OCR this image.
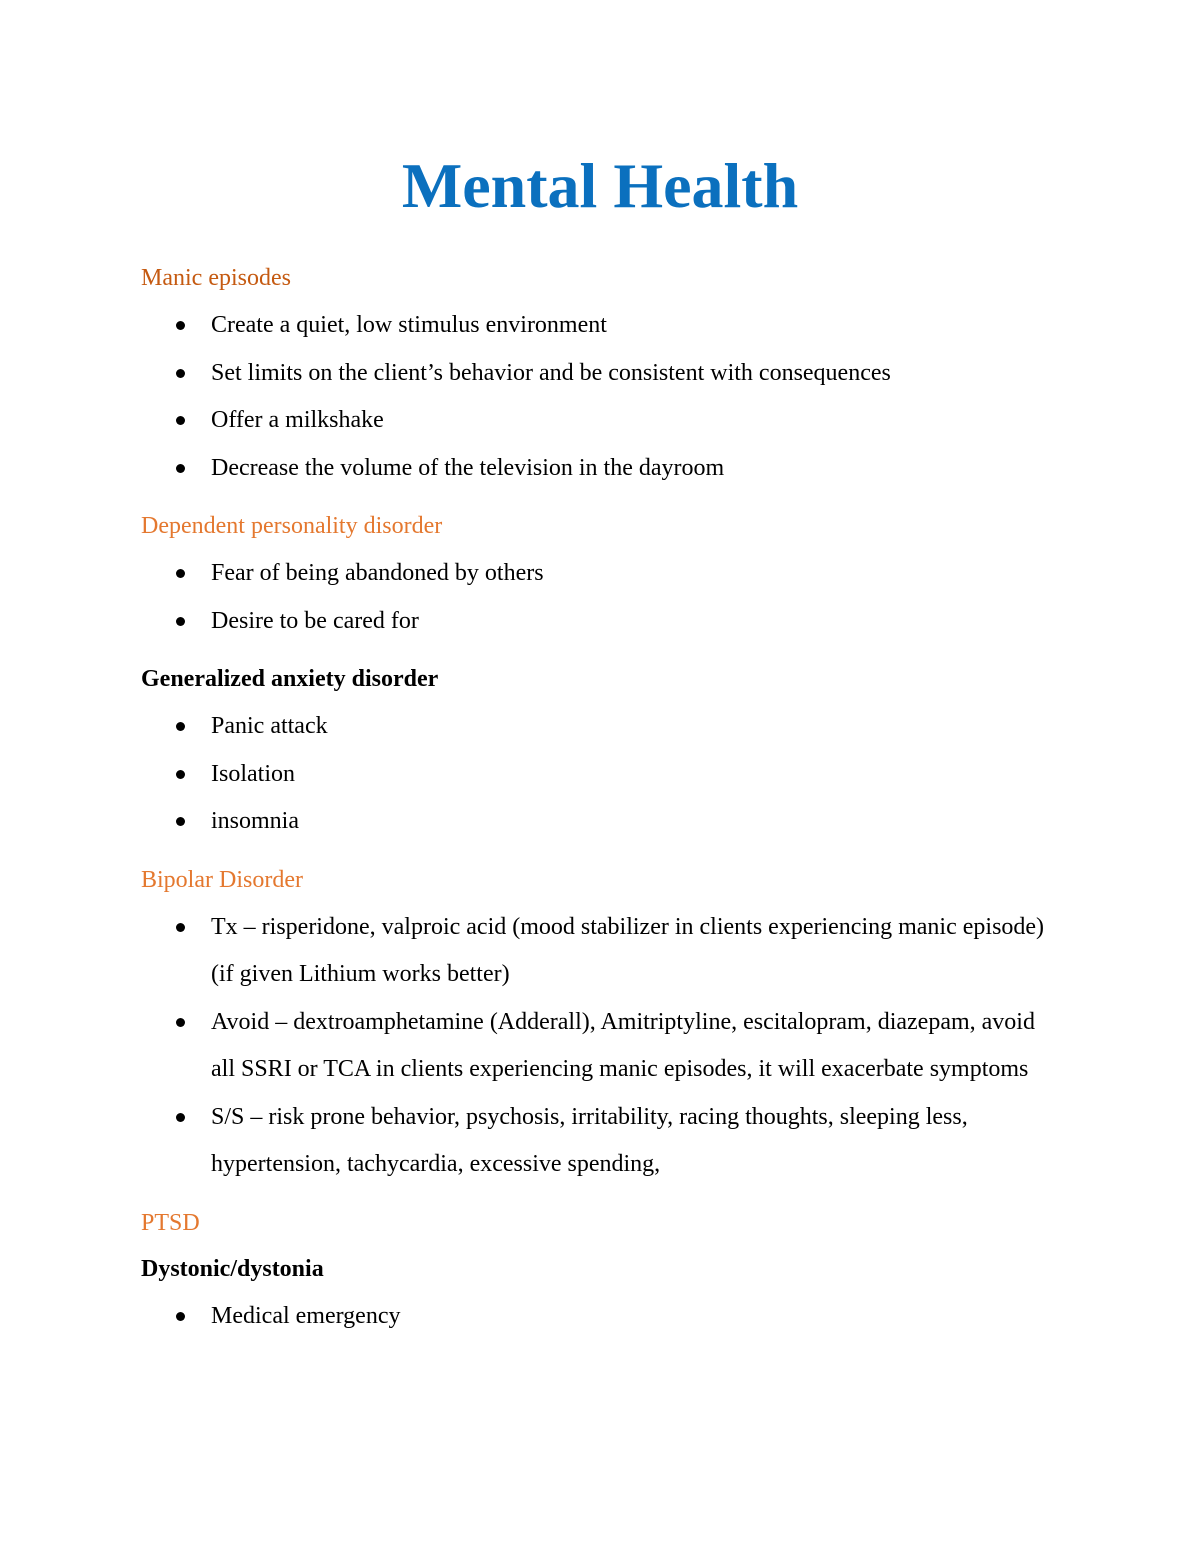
Mental Health
Manic episodes
Create a quiet, low stimulus environment
Set limits on the client’s behavior and be consistent with consequences
Offer a milkshake
Decrease the volume of the television in the dayroom
Dependent personality disorder
Fear of being abandoned by others
Desire to be cared for
Generalized anxiety disorder
Panic attack
Isolation
insomnia
Bipolar Disorder
Tx – risperidone, valproic acid (mood stabilizer in clients experiencing manic episode) (if given Lithium works better)
Avoid – dextroamphetamine (Adderall), Amitriptyline, escitalopram, diazepam, avoid all SSRI or TCA in clients experiencing manic episodes, it will exacerbate symptoms
S/S – risk prone behavior, psychosis, irritability, racing thoughts, sleeping less, hypertension, tachycardia, excessive spending,
PTSD
Dystonic/dystonia
Medical emergency
